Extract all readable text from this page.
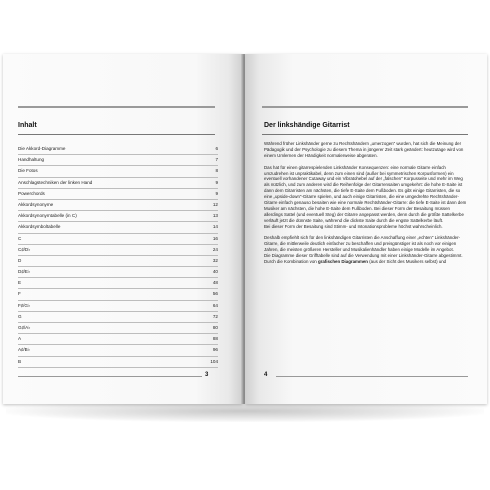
Inhalt
Die Akkord-Diagramme	6
Handhaltung	7
Die Fotos	8
Anschlagstechniken der linken Hand	9
Powerchords	9
Akkordsynonyme	12
Akkordsynonymtabelle (in C)	13
Akkordsymboltabelle	14
C	16
C♯/D♭	24
D	32
D♯/E♭	40
E	48
F	56
F♯/G♭	64
G	72
G♯/A♭	80
A	88
A♯/B♭	96
B	104
3
Der linkshändige Gitarrist

Während früher Linkshänder gerne zu Rechtshändern „umerzogen" wurden, hat sich die Meinung der Pädagogik und der Psychologie zu diesem Thema in jüngerer Zeit stark geändert: heutzutage wird von einem Umlernen der Händigkeit normalerweise abgeraten.

Das hat für einen gitarrespielenden Linkshänder Konsequenzen: eine normale Gitarre einfach umzudrehen ist unpraktikabel, denn zum einen sind (außer bei symmetrischen Korpusformen) ein eventuell vorhandener Cutaway und ein Vibratohebel auf der „falschen" Korpusseite und mehr im Weg als nützlich, und zum anderen wird die Reihenfolge der Gitarrensaiten umgekehrt: die hohe E-Saite ist dann dem Gitarristen am nächsten, die tiefe E-Saite dem Fußboden. Es gibt einige Gitarristen, die so eine „upside-down"-Gitarre spielen, und auch einige Gitarristen, die eine umgedrehte Rechtshänder-Gitarre einfach genauso besaiten wie eine normale Rechtshänder-Gitarre: die tiefe E-Saite ist dann dem Musiker am nächsten, die hohe E-Saite dem Fußboden. Bei dieser Form der Besaitung müssen allerdings Sattel (und eventuell Steg) der Gitarre angepasst werden, denn durch die größte Sattelkerbe verläuft jetzt die dünnste Saite, während die dickste Saite durch die engste Sattelkerbe läuft.

Bei dieser Form der Besaitung sind Stimm- und Intonationsprobleme höchst wahrscheinlich.

Deshalb empfiehlt sich für den linkshändigen Gitarristen die Anschaffung einer „echten" Linkshänder-Gitarre, die mittlerweile deutlich einfacher zu beschaffen und preisgünstiger ist als noch vor einigen Jahren, die meisten größeren Hersteller und Musikalienhändler haben einige Modelle im Angebot.

Die Diagramme dieser Grifftabelle sind auf die Verwendung mit einer Linkshänder-Gitarre abgestimmt. Durch die Kombination von grafischen Diagrammen (aus der Sicht des Musikers selbst) und

4
